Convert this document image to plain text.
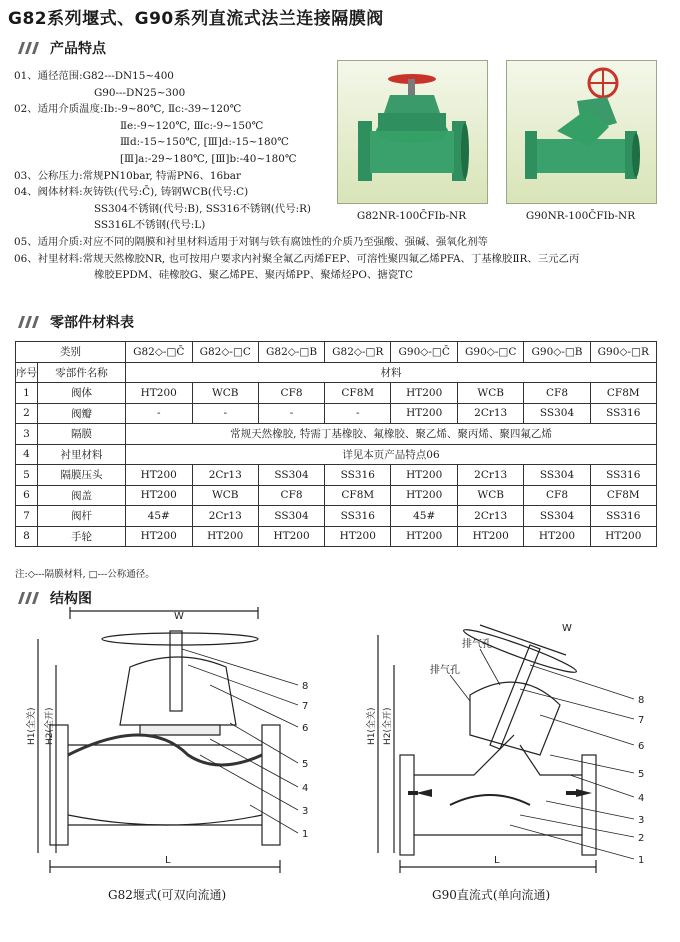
G82系列堰式、G90系列直流式法兰连接隔膜阀
产品特点
01、通径范围:G82---DN15~400
G90---DN25~300
02、适用介质温度:Ⅰb:-9~80℃, Ⅱc:-39~120℃
Ⅱe:-9~120℃, Ⅲc:-9~150℃
Ⅲd:-15~150℃, [Ⅲ]d:-15~180℃
[Ⅲ]a:-29~180℃, [Ⅲ]b:-40~180℃
03、公称压力:常规PN10bar, 特需PN6、16bar
04、阀体材料:灰铸铁(代号:C̄), 铸钢WCB(代号:C)
SS304不锈钢(代号:B), SS316不锈钢(代号:R)
SS316L不锈钢(代号:L)
05、适用介质:对应不同的隔膜和衬里材料适用于对钢与铁有腐蚀性的介质乃至强酸、强碱、强氧化剂等
06、衬里材料:常规天然橡胶NR, 也可按用户要求内衬聚全氟乙丙烯FEP、可溶性聚四氟乙烯PFA、丁基橡胶ⅡR、三元乙丙
橡胶EPDM、硅橡胶G、聚乙烯PE、聚丙烯PP、聚烯烃PO、搪瓷TC
G82NR-100C̄FIb-NR	G90NR-100C̄FIb-NR
零部件材料表
类别		G82◇-□C̄	G82◇-□C	G82◇-□B	G82◇-□R	G90◇-□C̄	G90◇-□C	G90◇-□B	G90◇-□R
序号	零部件名称	材料							
1	阀体	HT200	WCB	CF8	CF8M	HT200	WCB	CF8	CF8M
2	阀瓣	-	-	-	-	HT200	2Cr13	SS304	SS316
3	隔膜	常规天然橡胶, 特需丁基橡胶、氟橡胶、聚乙烯、聚丙烯、聚四氟乙烯							
4	衬里材料	详见本页产品特点06							
5	隔膜压头	HT200	2Cr13	SS304	SS316	HT200	2Cr13	SS304	SS316
6	阀盖	HT200	WCB	CF8	CF8M	HT200	WCB	CF8	CF8M
7	阀杆	45#	2Cr13	SS304	SS316	45#	2Cr13	SS304	SS316
8	手轮	HT200	HT200	HT200	HT200	HT200	HT200	HT200	HT200
注:◇---隔膜材料, □---公称通径。
结构图
W
L
8
7
6
5
4
3
1
H1(全关) H2(全开)
G82堰式(可双向流通)
W
L
排气孔
排气孔
8
7
6
5
4
3
2
1
H1(全关) H2(全开)
G90直流式(单向流通)
